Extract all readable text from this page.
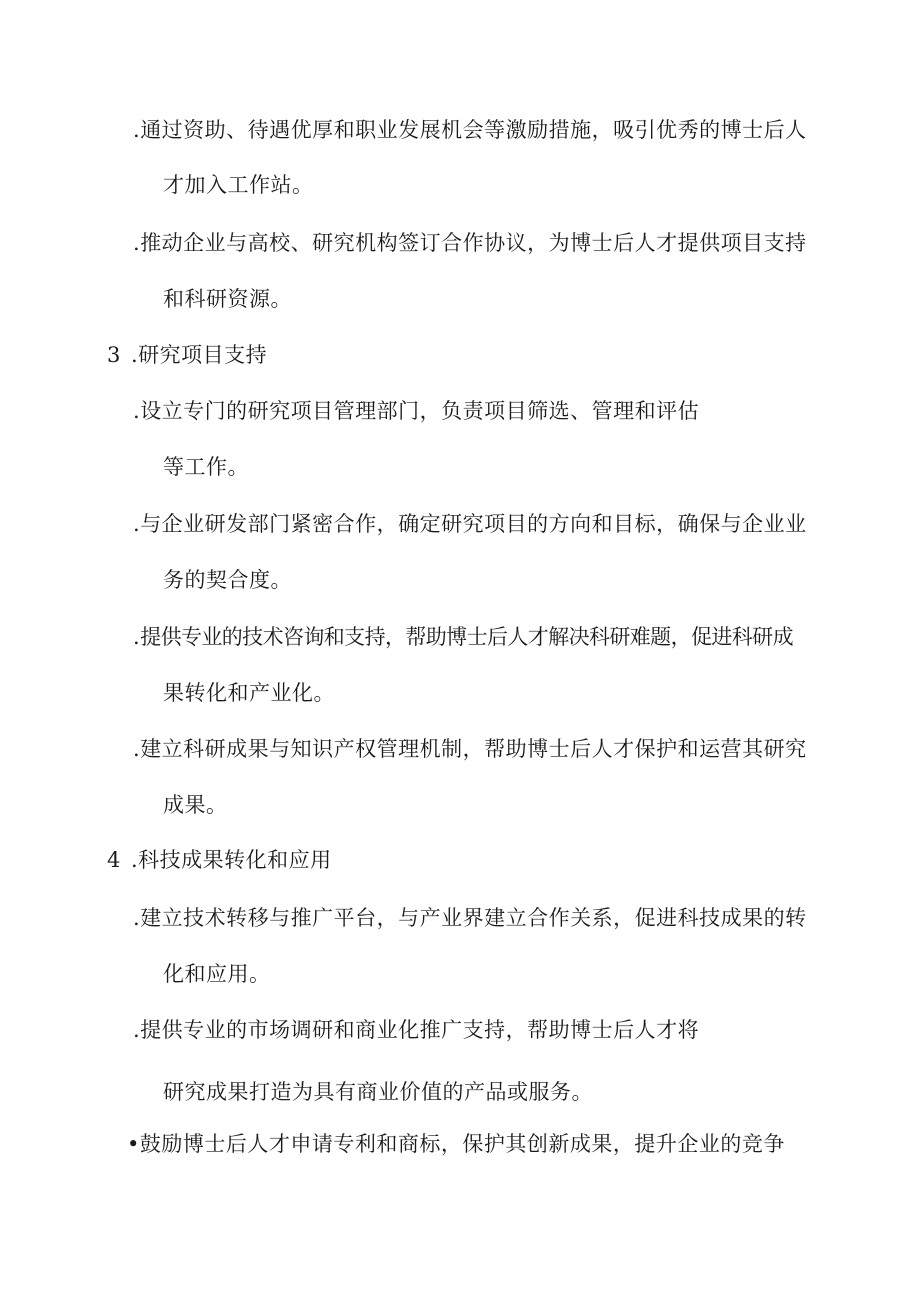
.通过资助、待遇优厚和职业发展机会等激励措施，吸引优秀的博士后人
才加入工作站。
.推动企业与高校、研究机构签订合作协议，为博士后人才提供项目支持
和科研资源。
3 .研究项目支持
.设立专门的研究项目管理部门，负责项目筛选、管理和评估
等工作。
.与企业研发部门紧密合作，确定研究项目的方向和目标，确保与企业业
务的契合度。
.提供专业的技术咨询和支持，帮助博士后人才解决科研难题，促进科研成
果转化和产业化。
.建立科研成果与知识产权管理机制，帮助博士后人才保护和运营其研究
成果。
4 .科技成果转化和应用
.建立技术转移与推广平台，与产业界建立合作关系，促进科技成果的转
化和应用。
.提供专业的市场调研和商业化推广支持，帮助博士后人才将
研究成果打造为具有商业价值的产品或服务。
•鼓励博士后人才申请专利和商标，保护其创新成果，提升企业的竞争
